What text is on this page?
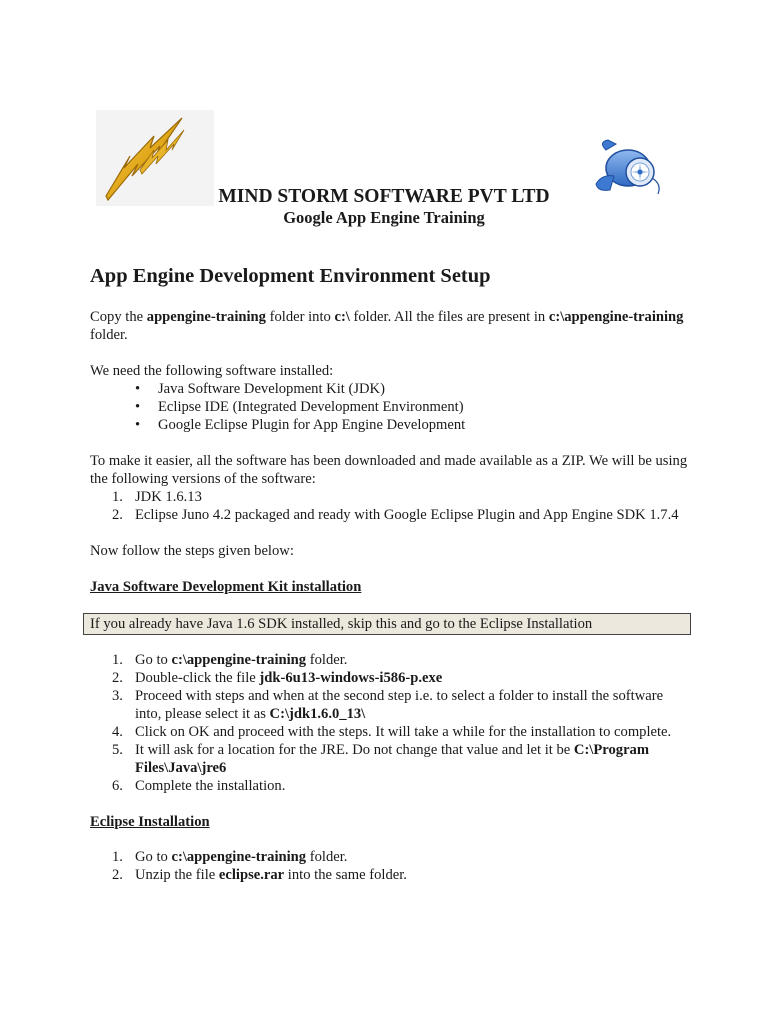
MIND STORM SOFTWARE PVT LTD
Google App Engine Training
App Engine Development Environment Setup

Copy the appengine-training folder into c:\ folder. All the files are present in c:\appengine-training folder.

We need the following software installed:

• Java Software Development Kit (JDK)
• Eclipse IDE (Integrated Development Environment)
• Google Eclipse Plugin for App Engine Development

To make it easier, all the software has been downloaded and made available as a ZIP. We will be using the following versions of the software:

1. JDK 1.6.13
2. Eclipse Juno 4.2 packaged and ready with Google Eclipse Plugin and App Engine SDK 1.7.4

Now follow the steps given below:

Java Software Development Kit installation

If you already have Java 1.6 SDK installed, skip this and go to the Eclipse Installation
1. Go to c:\appengine-training folder.
2. Double-click the file jdk-6u13-windows-i586-p.exe
3. Proceed with steps and when at the second step i.e. to select a folder to install the software into, please select it as C:\jdk1.6.0_13\
4. Click on OK and proceed with the steps. It will take a while for the installation to complete.
5. It will ask for a location for the JRE. Do not change that value and let it be C:\Program Files\Java\jre6
6. Complete the installation.

Eclipse Installation

1. Go to c:\appengine-training folder.
2. Unzip the file eclipse.rar into the same folder.
